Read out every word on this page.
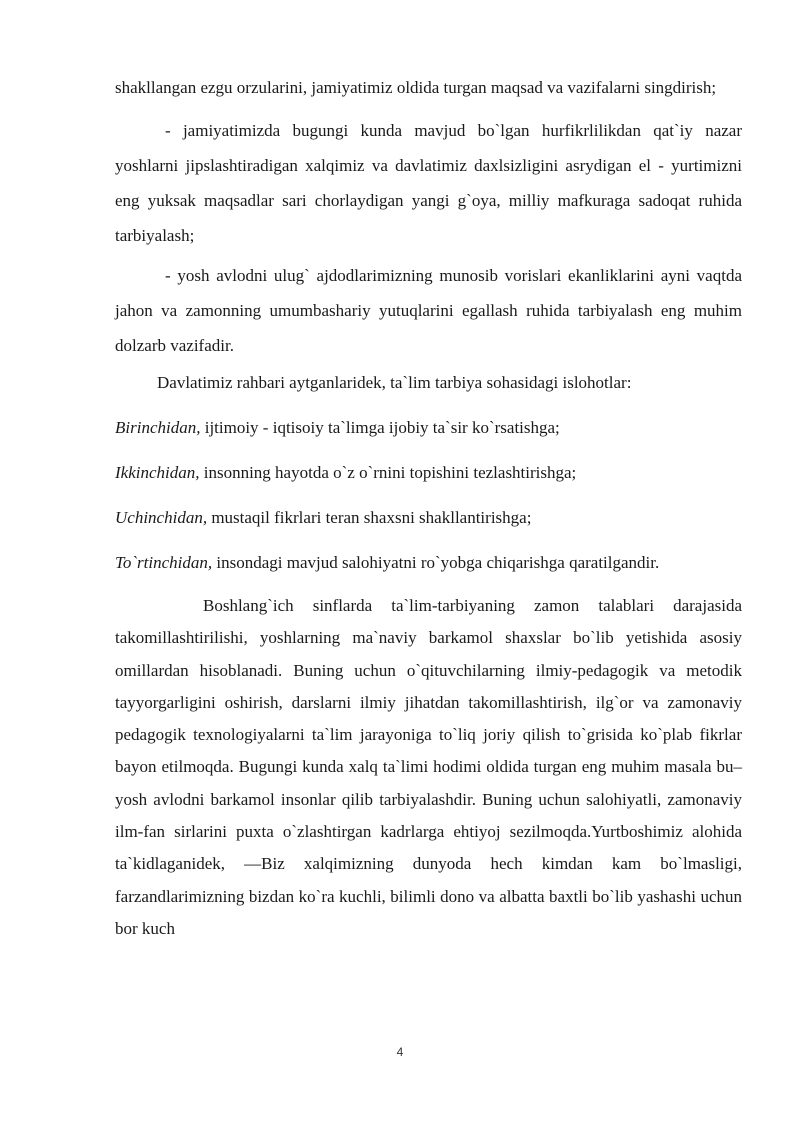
shakllangan ezgu orzularini, jamiyatimiz oldida turgan maqsad va vazifalarni singdirish;

- jamiyatimizda bugungi kunda mavjud bo`lgan hurfikrlilikdan qat`iy nazar yoshlarni jipslashtiradigan xalqimiz va davlatimiz daxlsizligini asrydigan el - yurtimizni eng yuksak maqsadlar sari chorlaydigan yangi g`oya, milliy mafkuraga sadoqat ruhida tarbiyalash;

- yosh avlodni ulug` ajdodlarimizning munosib vorislari ekanliklarini ayni vaqtda jahon va zamonning umumbashariy yutuqlarini egallash ruhida tarbiyalash eng muhim dolzarb vazifadir.

Davlatimiz rahbari aytganlaridek, ta`lim tarbiya sohasidagi islohotlar:

Birinchidan, ijtimoiy - iqtisoiy ta`limga ijobiy ta`sir ko`rsatishga;

Ikkinchidan, insonning hayotda o`z o`rnini topishini tezlashtirishga;

Uchinchidan, mustaqil fikrlari teran shaxsni shakllantirishga;

To`rtinchidan, insondagi mavjud salohiyatni ro`yobga chiqarishga qaratilgandir.

Boshlang`ich sinflarda ta`lim-tarbiyaning zamon talablari darajasida takomillashtirilishi, yoshlarning ma`naviy barkamol shaxslar bo`lib yetishida asosiy omillardan hisoblanadi. Buning uchun o`qituvchilarning ilmiy-pedagogik va metodik tayyorgarligini oshirish, darslarni ilmiy jihatdan takomillashtirish, ilg`or va zamonaviy pedagogik texnologiyalarni ta`lim jarayoniga to`liq joriy qilish to`grisida ko`plab fikrlar bayon etilmoqda. Bugungi kunda xalq ta`limi hodimi oldida turgan eng muhim masala bu– yosh avlodni barkamol insonlar qilib tarbiyalashdir. Buning uchun salohiyatli, zamonaviy ilm-fan sirlarini puxta o`zlashtirgan kadrlarga ehtiyoj sezilmoqda.Yurtboshimiz alohida ta`kidlaganidek, ―Biz xalqimizning dunyoda hech kimdan kam bo`lmasligi, farzandlarimizning bizdan ko`ra kuchli, bilimli dono va albatta baxtli bo`lib yashashi uchun bor kuch

4
